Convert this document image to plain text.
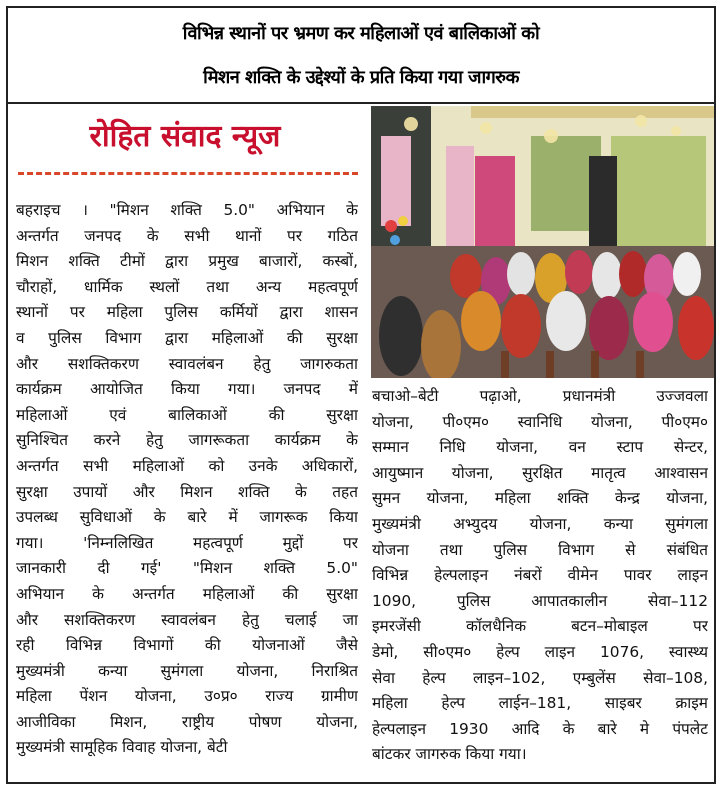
विभिन्न स्थानों पर भ्रमण कर महिलाओं एवं बालिकाओं को
मिशन शक्ति के उद्देश्यों के प्रति किया गया जागरुक
रोहित संवाद न्यूज
बहराइच । "मिशन शक्ति 5.0" अभियान के
अन्तर्गत जनपद के सभी थानों पर गठित
मिशन शक्ति टीमों द्वारा प्रमुख बाजारों, कस्बों,
चौराहों, धार्मिक स्थलों तथा अन्य महत्वपूर्ण
स्थानों पर महिला पुलिस कर्मियों द्वारा शासन
व पुलिस विभाग द्वारा महिलाओं की सुरक्षा
और सशक्तिकरण स्वावलंबन हेतु जागरुकता
कार्यक्रम आयोजित किया गया। जनपद में
महिलाओं एवं बालिकाओं की सुरक्षा
सुनिश्चित करने हेतु जागरूकता कार्यक्रम के
अन्तर्गत सभी महिलाओं को उनके अधिकारों,
सुरक्षा उपायों और मिशन शक्ति के तहत
उपलब्ध सुविधाओं के बारे में जागरूक किया
गया। 'निम्नलिखित महत्वपूर्ण मुद्दों पर
जानकारी दी गई' "मिशन शक्ति 5.0"
अभियान के अन्तर्गत महिलाओं की सुरक्षा
और सशक्तिकरण स्वावलंबन हेतु चलाई जा
रही विभिन्न विभागों की योजनाओं जैसे
मुख्यमंत्री कन्या सुमंगला योजना, निराश्रित
महिला पेंशन योजना, उ०प्र० राज्य ग्रामीण
आजीविका मिशन, राष्ट्रीय पोषण योजना,
मुख्यमंत्री सामूहिक विवाह योजना, बेटी
बचाओ–बेटी पढ़ाओ, प्रधानमंत्री उज्जवला
योजना, पी०एम० स्वानिधि योजना, पी०एम०
सम्मान निधि योजना, वन स्टाप सेन्टर,
आयुष्मान योजना, सुरक्षित मातृत्व आश्वासन
सुमन योजना, महिला शक्ति केन्द्र योजना,
मुख्यमंत्री अभ्युदय योजना, कन्या सुमंगला
योजना तथा पुलिस विभाग से संबंधित
विभिन्न हेल्पलाइन नंबरों वीमेन पावर लाइन
1090, पुलिस आपातकालीन सेवा–112
इमरजेंसी कॉलधैनिक बटन–मोबाइल पर
डेमो, सी०एम० हेल्प लाइन 1076, स्वास्थ्य
सेवा हेल्प लाइन–102, एम्बुलेंस सेवा–108,
महिला हेल्प लाईन–181, साइबर क्राइम
हेल्पलाइन 1930 आदि के बारे मे पंपलेट
बांटकर जागरुक किया गया।
